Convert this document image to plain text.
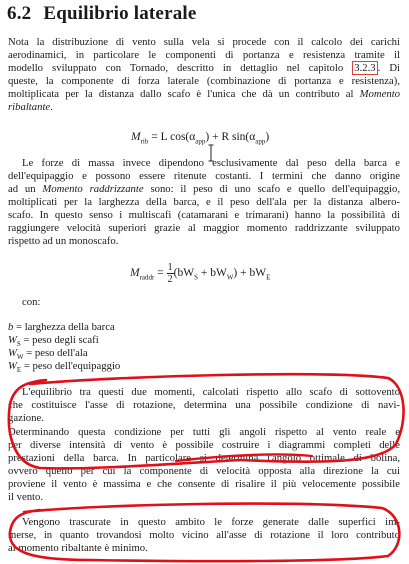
6.2 Equilibrio laterale
Nota la distribuzione di vento sulla vela si procede con il calcolo dei carichi
aerodinamici, in particolare le componenti di portanza e resistenza tramite il
modello sviluppato con Tornado, descritto in dettaglio nel capitolo 3.2.3 . Di
queste, la componente di forza laterale (combinazione di portanza e resistenza),
moltiplicata per la distanza dallo scafo è l'unica che dà un contributo al Momento
ribaltante.
$M_{rib} = L$ $\cos(\alpha_{app}) + R$ $\sin(\alpha_{app})$
Le forze di massa invece dipendono esclusivamente dal peso della barca e
dell'equipaggio e possono essere ritenute costanti. I termini che danno origine
ad un Momento raddrizzante sono: il peso di uno scafo e quello dell'equipaggio,
moltiplicati per la larghezza della barca, e il peso dell'ala per la distanza albero-
scafo. In questo senso i multiscafi (catamarani e trimarani) hanno la possibilità di
raggiungere velocità superiori grazie al maggior momento raddrizzante sviluppato
rispetto ad un monoscafo.
$M_{raddr} = \frac{1}{2} (bW_S + bW_W) + bW_E$
con:
b = larghezza della barca
$W_S$ = peso degli scafi
$W_W$ = peso dell'ala
$W_E$ = peso dell'equipaggio
L'equilibrio tra questi due momenti, calcolati rispetto allo scafo di sottovento
che costituisce l'asse di rotazione, determina una possibile condizione di navi-
gazione.
Determinando questa condizione per tutti gli angoli rispetto al vento reale e
per diverse intensità di vento è possibile costruire i diagrammi completi delle
prestazioni della barca. In particolare si determina l'angolo ottimale di bolina,
ovvero quello per cui la componente di velocità opposta alla direzione la cui
proviene il vento è massima e che consente di risalire il più velocemente possibile
il vento.
Vengono trascurate in questo ambito le forze generate dalle superfici im-
merse, in quanto trovandosi molto vicino all'asse di rotazione il loro contributo
al momento ribaltante è minimo.
